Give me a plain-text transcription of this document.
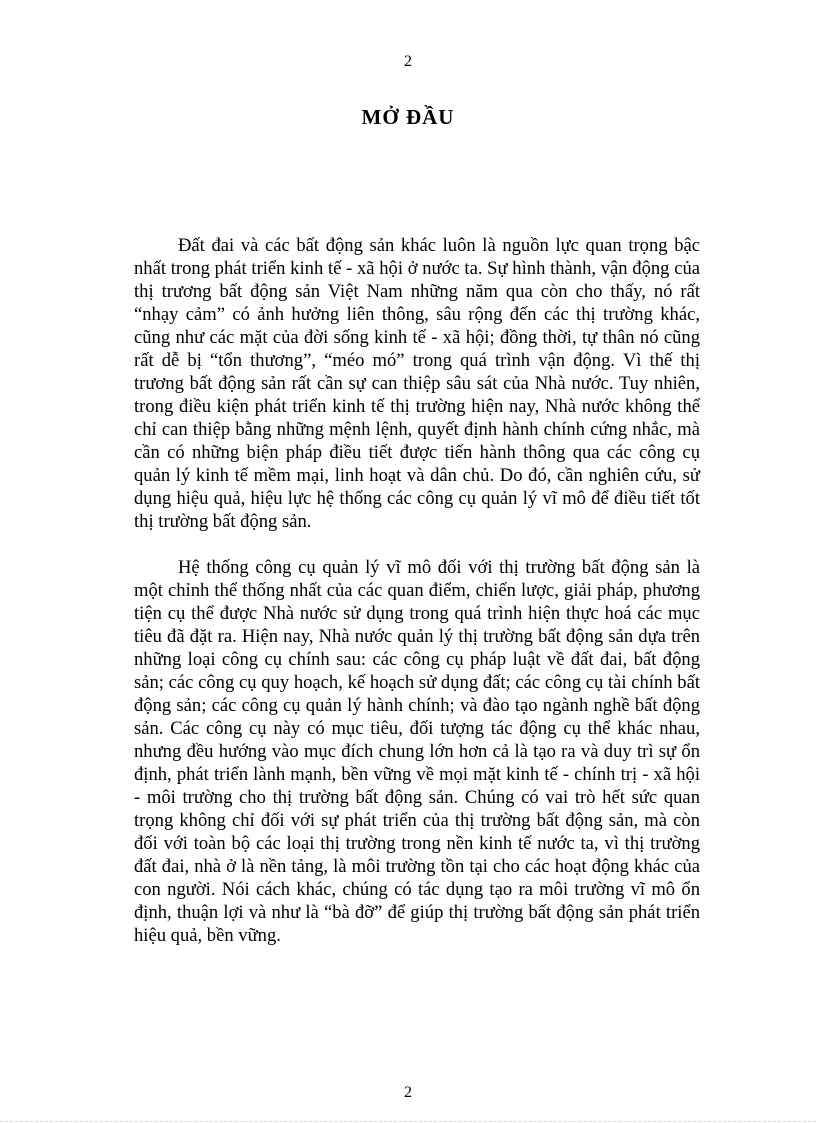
2
MỞ ĐẦU

Đất đai và các bất động sản khác luôn là nguồn lực quan trọng bậc nhất trong phát triển kinh tế - xã hội ở nước ta. Sự hình thành, vận động của thị trương bất động sản Việt Nam những năm qua còn cho thấy, nó rất “nhạy cảm” có ảnh hưởng liên thông, sâu rộng đến các thị trường khác, cũng như các mặt của đời sống kinh tế - xã hội; đồng thời, tự thân nó cũng rất dễ bị “tổn thương”, “méo mó” trong quá trình vận động. Vì thế thị trương bất động sản rất cần sự can thiệp sâu sát của Nhà nước. Tuy nhiên, trong điều kiện phát triển kinh tế thị trường hiện nay, Nhà nước không thể chỉ can thiệp bằng những mệnh lệnh, quyết định hành chính cứng nhắc, mà cần có những biện pháp điều tiết được tiến hành thông qua các công cụ quản lý kinh tế mềm mại, linh hoạt và dân chủ. Do đó, cần nghiên cứu, sử dụng hiệu quả, hiệu lực hệ thống các công cụ quản lý vĩ mô để điều tiết tốt thị trường bất động sản.

Hệ thống công cụ quản lý vĩ mô đối với thị trường bất động sản là một chỉnh thể thống nhất của các quan điểm, chiến lược, giải pháp, phương tiện cụ thể được Nhà nước sử dụng trong quá trình hiện thực hoá các mục tiêu đã đặt ra. Hiện nay, Nhà nước quản lý thị trường bất động sản dựa trên những loại công cụ chính sau: các công cụ pháp luật về đất đai, bất động sản; các công cụ quy hoạch, kế hoạch sử dụng đất; các công cụ tài chính bất động sản; các công cụ quản lý hành chính; và đào tạo ngành nghề bất động sản. Các công cụ này có mục tiêu, đối tượng tác động cụ thể khác nhau, nhưng đều hướng vào mục đích chung lớn hơn cả là tạo ra và duy trì sự ổn định, phát triển lành mạnh, bền vững về mọi mặt kinh tế - chính trị - xã hội - môi trường cho thị trường bất động sản. Chúng có vai trò hết sức quan trọng không chỉ đối với sự phát triển của thị trường bất động sản, mà còn đối với toàn bộ các loại thị trường trong nền kinh tế nước ta, vì thị trường đất đai, nhà ở là nền tảng, là môi trường tồn tại cho các hoạt động khác của con người. Nói cách khác, chúng có tác dụng tạo ra môi trường vĩ mô ổn định, thuận lợi và như là “bà đỡ” để giúp thị trường bất động sản phát triển hiệu quả, bền vững.

2
